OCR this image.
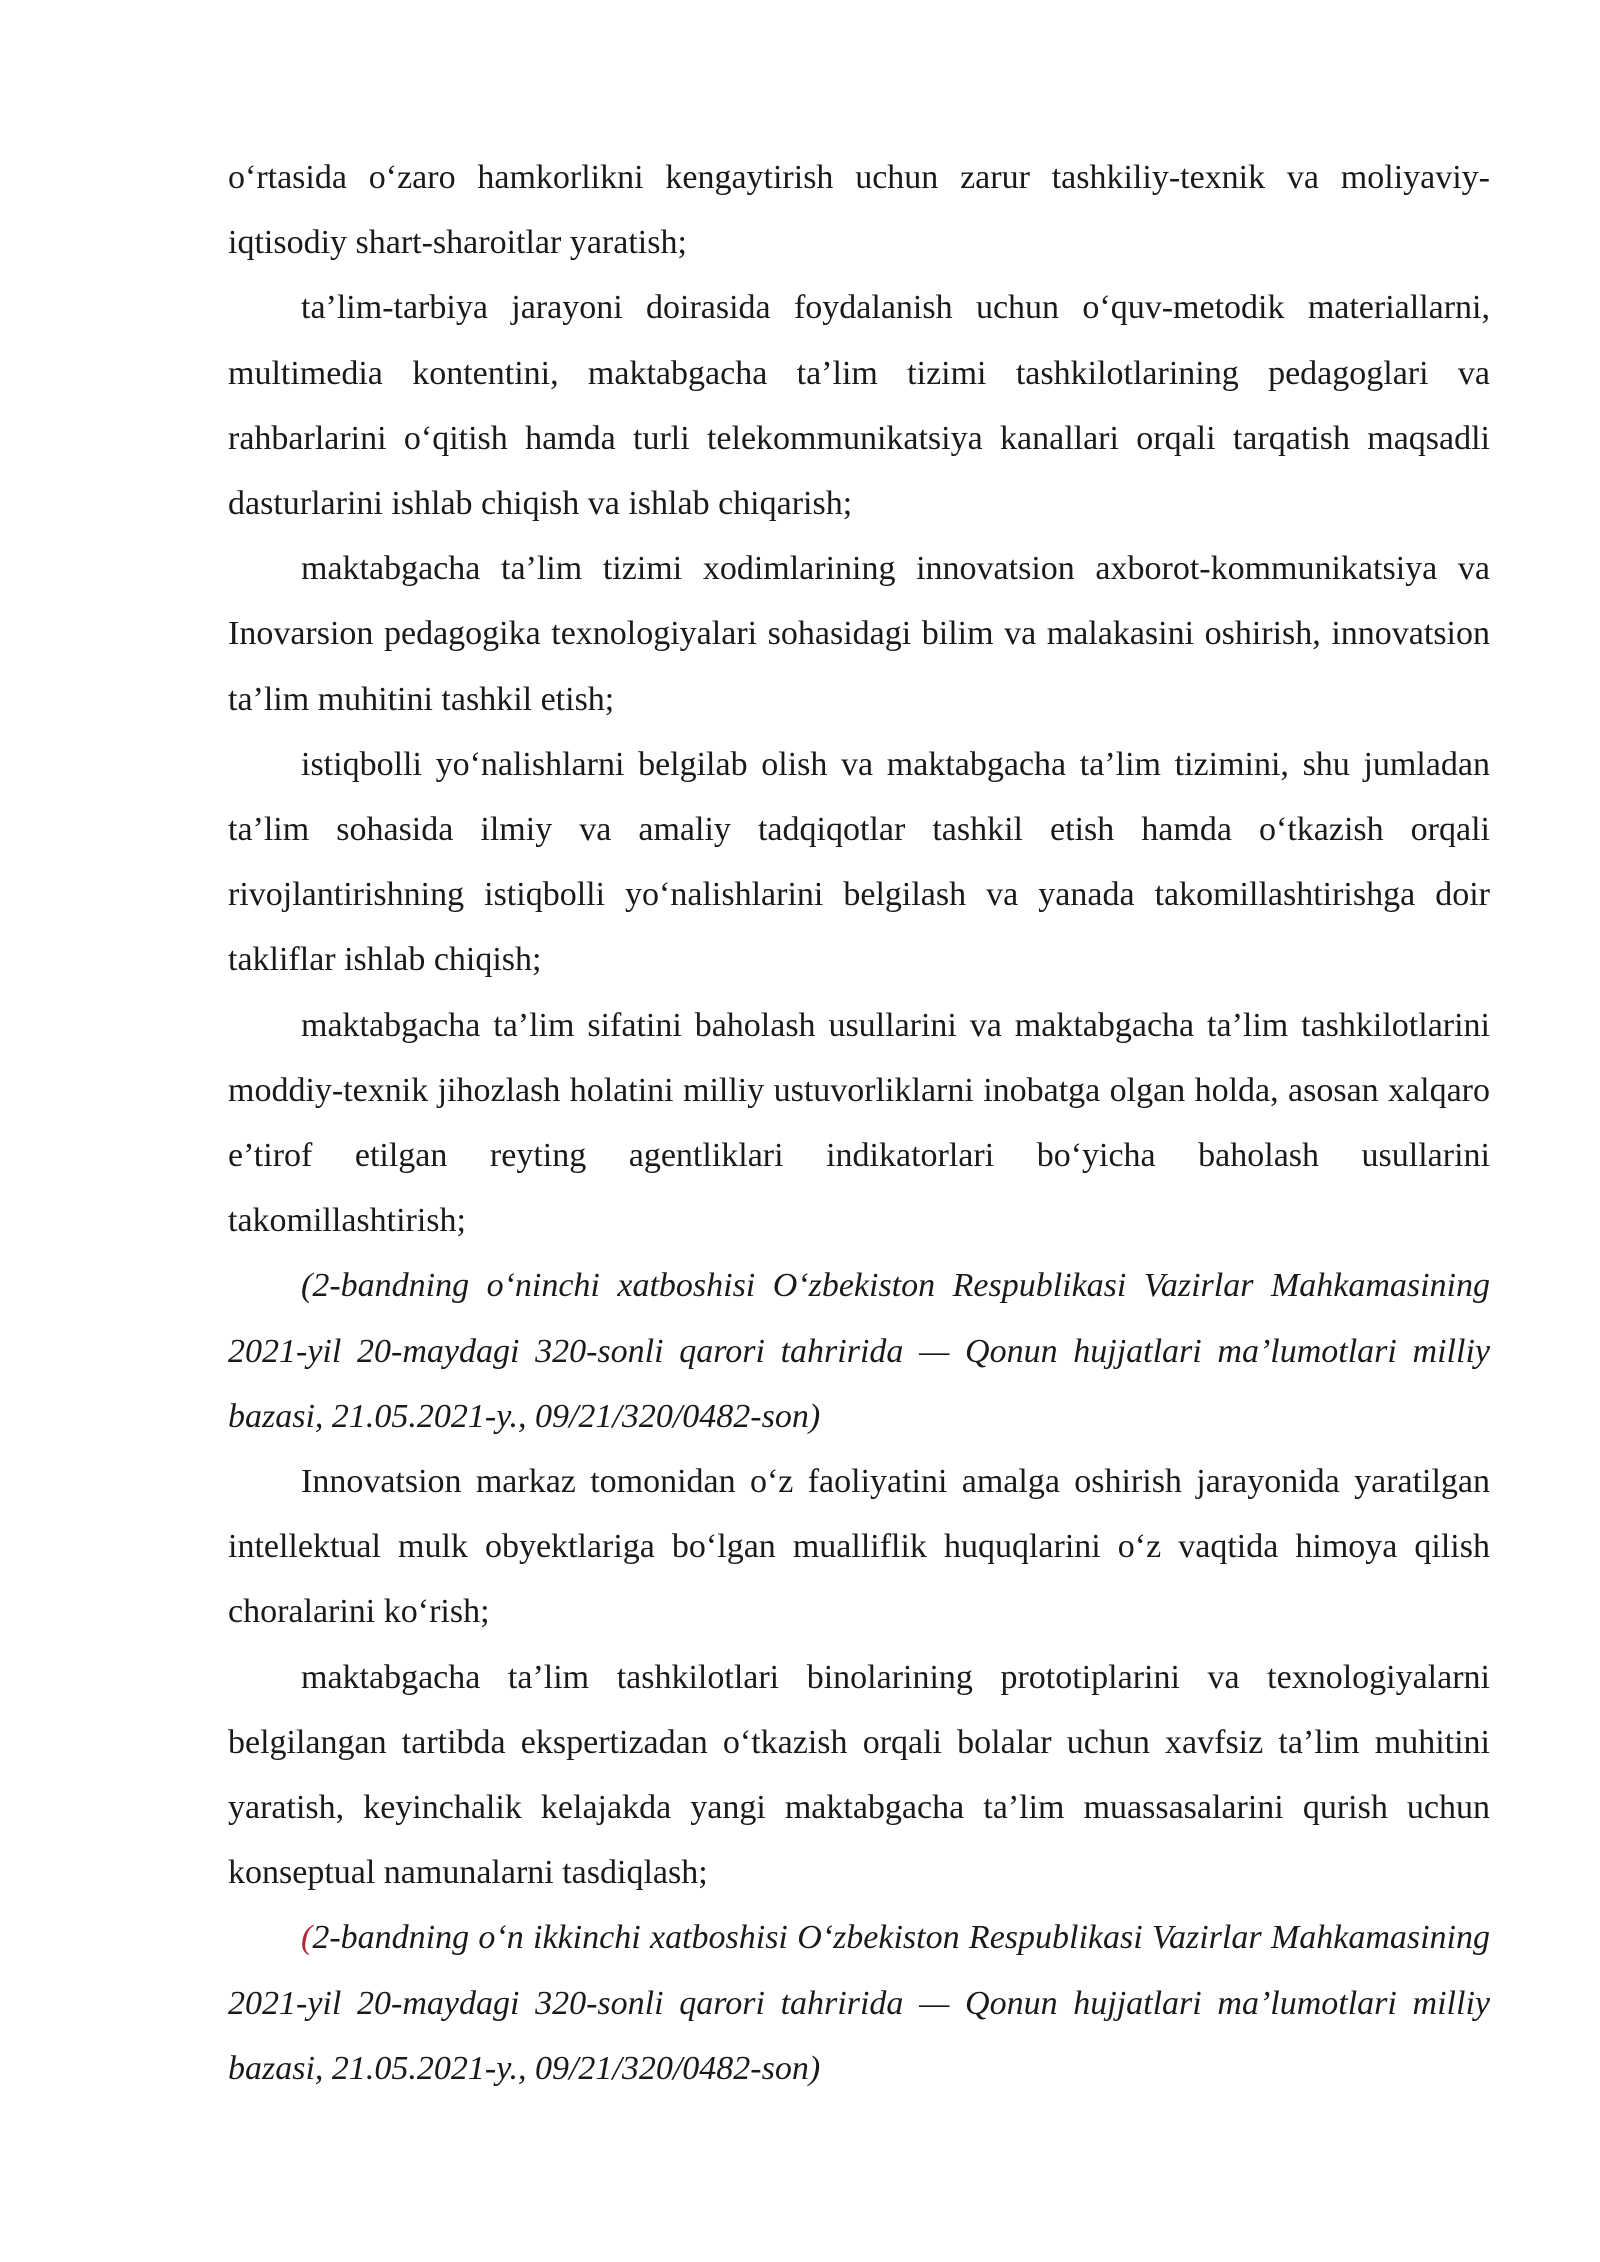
o‘rtasida o‘zaro hamkorlikni kengaytirish uchun zarur tashkiliy-texnik va moliyaviy-iqtisodiy shart-sharoitlar yaratish;

ta’lim-tarbiya jarayoni doirasida foydalanish uchun o‘quv-metodik materiallarni, multimedia kontentini, maktabgacha ta’lim tizimi tashkilotlarining pedagoglari va rahbarlarini o‘qitish hamda turli telekommunikatsiya kanallari orqali tarqatish maqsadli dasturlarini ishlab chiqish va ishlab chiqarish;

maktabgacha ta’lim tizimi xodimlarining innovatsion axborot-kommunikatsiya va Inovarsion pedagogika texnologiyalari sohasidagi bilim va malakasini oshirish, innovatsion ta’lim muhitini tashkil etish;

istiqbolli yo‘nalishlarni belgilab olish va maktabgacha ta’lim tizimini, shu jumladan ta’lim sohasida ilmiy va amaliy tadqiqotlar tashkil etish hamda o‘tkazish orqali rivojlantirishning istiqbolli yo‘nalishlarini belgilash va yanada takomillashtirishga doir takliflar ishlab chiqish;

maktabgacha ta’lim sifatini baholash usullarini va maktabgacha ta’lim tashkilotlarini moddiy-texnik jihozlash holatini milliy ustuvorliklarni inobatga olgan holda, asosan xalqaro e’tirof etilgan reyting agentliklari indikatorlari bo‘yicha baholash usullarini takomillashtirish;

(2-bandning o‘ninchi xatboshisi O‘zbekiston Respublikasi Vazirlar Mahkamasining 2021-yil 20-maydagi 320-sonli qarori tahririda — Qonun hujjatlari ma’lumotlari milliy bazasi, 21.05.2021-y., 09/21/320/0482-son)

Innovatsion markaz tomonidan o‘z faoliyatini amalga oshirish jarayonida yaratilgan intellektual mulk obyektlariga bo‘lgan mualliflik huquqlarini o‘z vaqtida himoya qilish choralarini ko‘rish;

maktabgacha ta’lim tashkilotlari binolarining prototiplarini va texnologiyalarni belgilangan tartibda ekspertizadan o‘tkazish orqali bolalar uchun xavfsiz ta’lim muhitini yaratish, keyinchalik kelajakda yangi maktabgacha ta’lim muassasalarini qurish uchun konseptual namunalarni tasdiqlash;

(2-bandning o‘n ikkinchi xatboshisi O‘zbekiston Respublikasi Vazirlar Mahkamasining 2021-yil 20-maydagi 320-sonli qarori tahririda — Qonun hujjatlari ma’lumotlari milliy bazasi, 21.05.2021-y., 09/21/320/0482-son)
